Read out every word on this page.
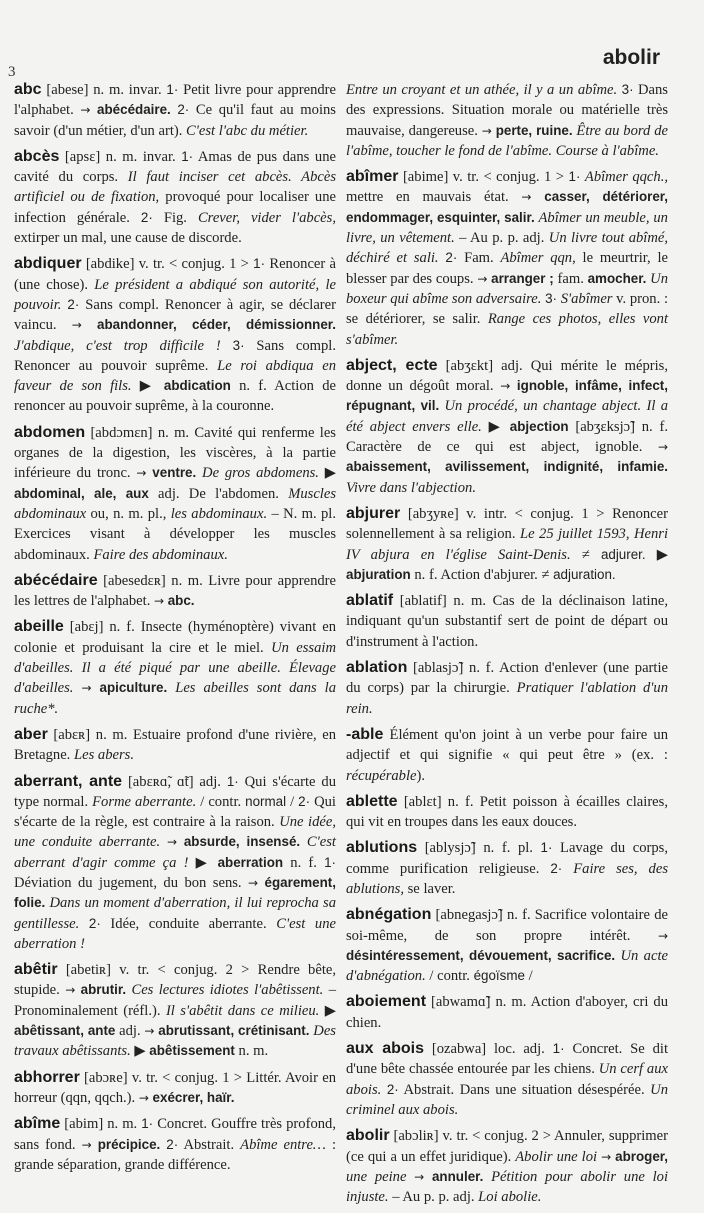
abolir
3

abc [abese] n. m. invar. 1· Petit livre pour apprendre l'alphabet. → abécédaire. 2· Ce qu'il faut au moins savoir (d'un métier, d'un art). C'est l'abc du métier.

abcès [apsɛ] n. m. invar. 1· Amas de pus dans une cavité du corps. Il faut inciser cet abcès. Abcès artificiel ou de fixation, provoqué pour localiser une infection générale. 2· Fig. Crever, vider l'abcès, extirper un mal, une cause de discorde.

abdiquer [abdike] v. tr. < conjug. 1 > 1· Renoncer à (une chose). Le président a abdiqué son autorité, le pouvoir. 2· Sans compl. Renoncer à agir, se déclarer vaincu. → abandonner, céder, démissionner. J'abdique, c'est trop difficile ! 3· Sans compl. Renoncer au pouvoir suprême. Le roi abdiqua en faveur de son fils. ▶ abdication n. f. Action de renoncer au pouvoir suprême, à la couronne.

abdomen [abdɔmɛn] n. m. Cavité qui renferme les organes de la digestion, les viscères, à la partie inférieure du tronc. → ventre. De gros abdomens. ▶ abdominal, ale, aux adj. De l'abdomen. Muscles abdominaux ou, n. m. pl., les abdominaux. – N. m. pl. Exercices visant à développer les muscles abdominaux. Faire des abdominaux.

abécédaire [abesedɛʀ] n. m. Livre pour apprendre les lettres de l'alphabet. → abc.

abeille [abɛj] n. f. Insecte (hyménoptère) vivant en colonie et produisant la cire et le miel. Un essaim d'abeilles. Il a été piqué par une abeille. Élevage d'abeilles. → apiculture. Les abeilles sont dans la ruche*.

aber [abɛʀ] n. m. Estuaire profond d'une rivière, en Bretagne. Les abers.

aberrant, ante [abɛʀɑ̃, ɑ̃t] adj. 1· Qui s'écarte du type normal. Forme aberrante. / contr. normal / 2· Qui s'écarte de la règle, est contraire à la raison. Une idée, une conduite aberrante. → absurde, insensé. C'est aberrant d'agir comme ça ! ▶ aberration n. f. 1· Déviation du jugement, du bon sens. → égarement, folie. Dans un moment d'aberration, il lui reprocha sa gentillesse. 2· Idée, conduite aberrante. C'est une aberration !

abêtir [abetiʀ] v. tr. < conjug. 2 > Rendre bête, stupide. → abrutir. Ces lectures idiotes l'abêtissent. – Pronominalement (réfl.). Il s'abêtit dans ce milieu. ▶ abêtissant, ante adj. → abrutissant, crétinisant. Des travaux abêtissants. ▶ abêtissement n. m.

abhorrer [abɔʀe] v. tr. < conjug. 1 > Littér. Avoir en horreur (qqn, qqch.). → exécrer, haïr.

abîme [abim] n. m. 1· Concret. Gouffre très profond, sans fond. → précipice. 2· Abstrait. Abîme entre… : grande séparation, grande différence.

Entre un croyant et un athée, il y a un abîme. 3· Dans des expressions. Situation morale ou matérielle très mauvaise, dangereuse. → perte, ruine. Être au bord de l'abîme, toucher le fond de l'abîme. Course à l'abîme.

abîmer [abime] v. tr. < conjug. 1 > 1· Abîmer qqch., mettre en mauvais état. → casser, détériorer, endommager, esquinter, salir. Abîmer un meuble, un livre, un vêtement. – Au p. p. adj. Un livre tout abîmé, déchiré et sali. 2· Fam. Abîmer qqn, le meurtrir, le blesser par des coups. → arranger ; fam. amocher. Un boxeur qui abîme son adversaire. 3· S'abîmer v. pron. : se détériorer, se salir. Range ces photos, elles vont s'abîmer.

abject, ecte [abʒɛkt] adj. Qui mérite le mépris, donne un dégoût moral. → ignoble, infâme, infect, répugnant, vil. Un procédé, un chantage abject. Il a été abject envers elle. ▶ abjection [abʒɛksjɔ̃] n. f. Caractère de ce qui est abject, ignoble. → abaissement, avilissement, indignité, infamie. Vivre dans l'abjection.

abjurer [abʒyʀe] v. intr. < conjug. 1 > Renoncer solennellement à sa religion. Le 25 juillet 1593, Henri IV abjura en l'église Saint-Denis. ≠ adjurer. ▶ abjuration n. f. Action d'abjurer. ≠ adjuration.

ablatif [ablatif] n. m. Cas de la déclinaison latine, indiquant qu'un substantif sert de point de départ ou d'instrument à l'action.

ablation [ablasjɔ̃] n. f. Action d'enlever (une partie du corps) par la chirurgie. Pratiquer l'ablation d'un rein.

-able Élément qu'on joint à un verbe pour faire un adjectif et qui signifie « qui peut être » (ex. : récupérable).

ablette [ablɛt] n. f. Petit poisson à écailles claires, qui vit en troupes dans les eaux douces.

ablutions [ablysjɔ̃] n. f. pl. 1· Lavage du corps, comme purification religieuse. 2· Faire ses, des ablutions, se laver.

abnégation [abnegasjɔ̃] n. f. Sacrifice volontaire de soi-même, de son propre intérêt. → désintéressement, dévouement, sacrifice. Un acte d'abnégation. / contr. égoïsme /

aboiement [abwamɑ̃] n. m. Action d'aboyer, cri du chien.

aux abois [ozabwa] loc. adj. 1· Concret. Se dit d'une bête chassée entourée par les chiens. Un cerf aux abois. 2· Abstrait. Dans une situation désespérée. Un criminel aux abois.

abolir [abɔliʀ] v. tr. < conjug. 2 > Annuler, supprimer (ce qui a un effet juridique). Abolir une loi → abroger, une peine → annuler. Pétition pour abolir une loi injuste. – Au p. p. adj. Loi abolie.
